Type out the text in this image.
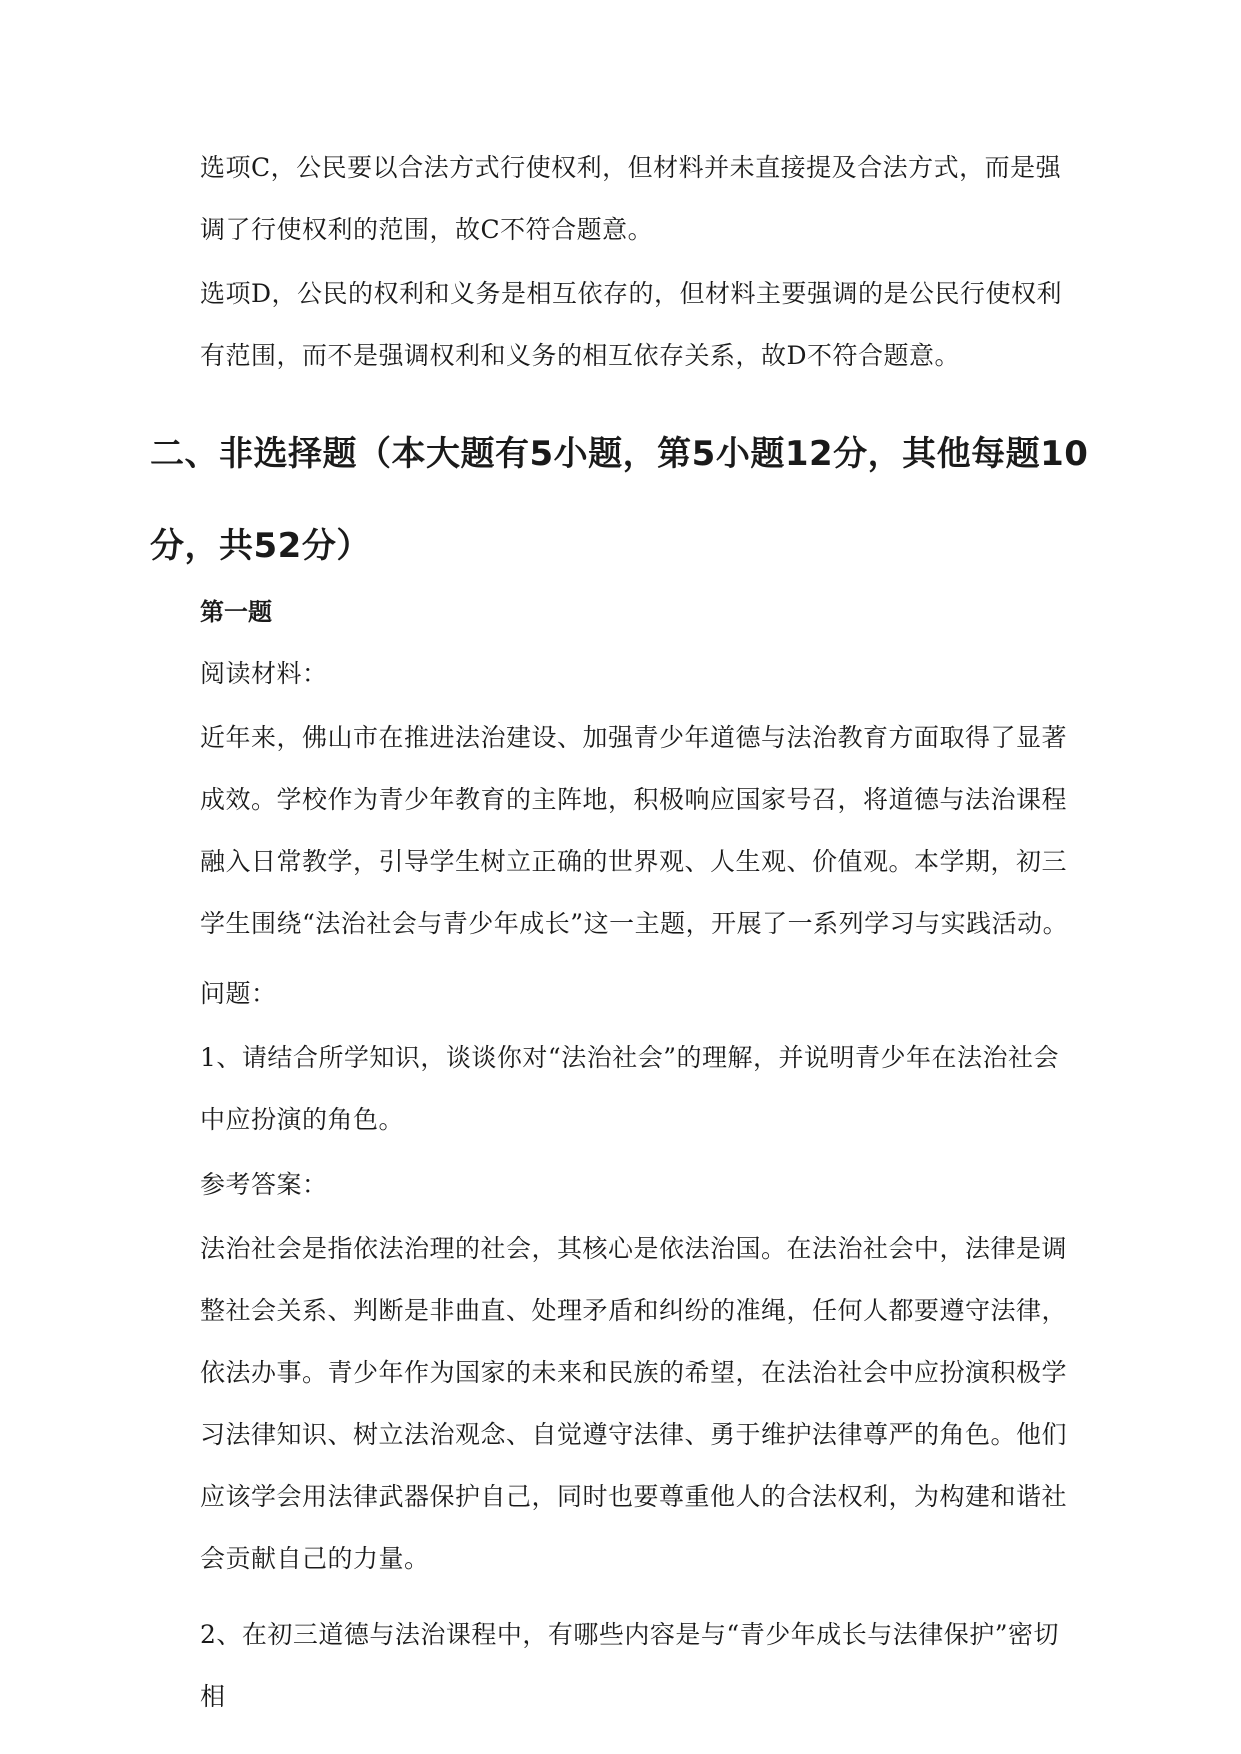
选项C，公民要以合法方式行使权利，但材料并未直接提及合法方式，而是强调了行使权利的范围，故C不符合题意。

选项D，公民的权利和义务是相互依存的，但材料主要强调的是公民行使权利有范围，而不是强调权利和义务的相互依存关系，故D不符合题意。

二、非选择题（本大题有5小题，第5小题12分，其他每题10分，共52分）
第一题

阅读材料：

近年来，佛山市在推进法治建设、加强青少年道德与法治教育方面取得了显著成效。学校作为青少年教育的主阵地，积极响应国家号召，将道德与法治课程融入日常教学，引导学生树立正确的世界观、人生观、价值观。本学期，初三学生围绕“法治社会与青少年成长”这一主题，开展了一系列学习与实践活动。

问题：

1、请结合所学知识，谈谈你对“法治社会”的理解，并说明青少年在法治社会中应扮演的角色。

参考答案：

法治社会是指依法治理的社会，其核心是依法治国。在法治社会中，法律是调整社会关系、判断是非曲直、处理矛盾和纠纷的准绳，任何人都要遵守法律，依法办事。青少年作为国家的未来和民族的希望，在法治社会中应扮演积极学习法律知识、树立法治观念、自觉遵守法律、勇于维护法律尊严的角色。他们应该学会用法律武器保护自己，同时也要尊重他人的合法权利，为构建和谐社会贡献自己的力量。

2、在初三道德与法治课程中，有哪些内容是与“青少年成长与法律保护”密切相
